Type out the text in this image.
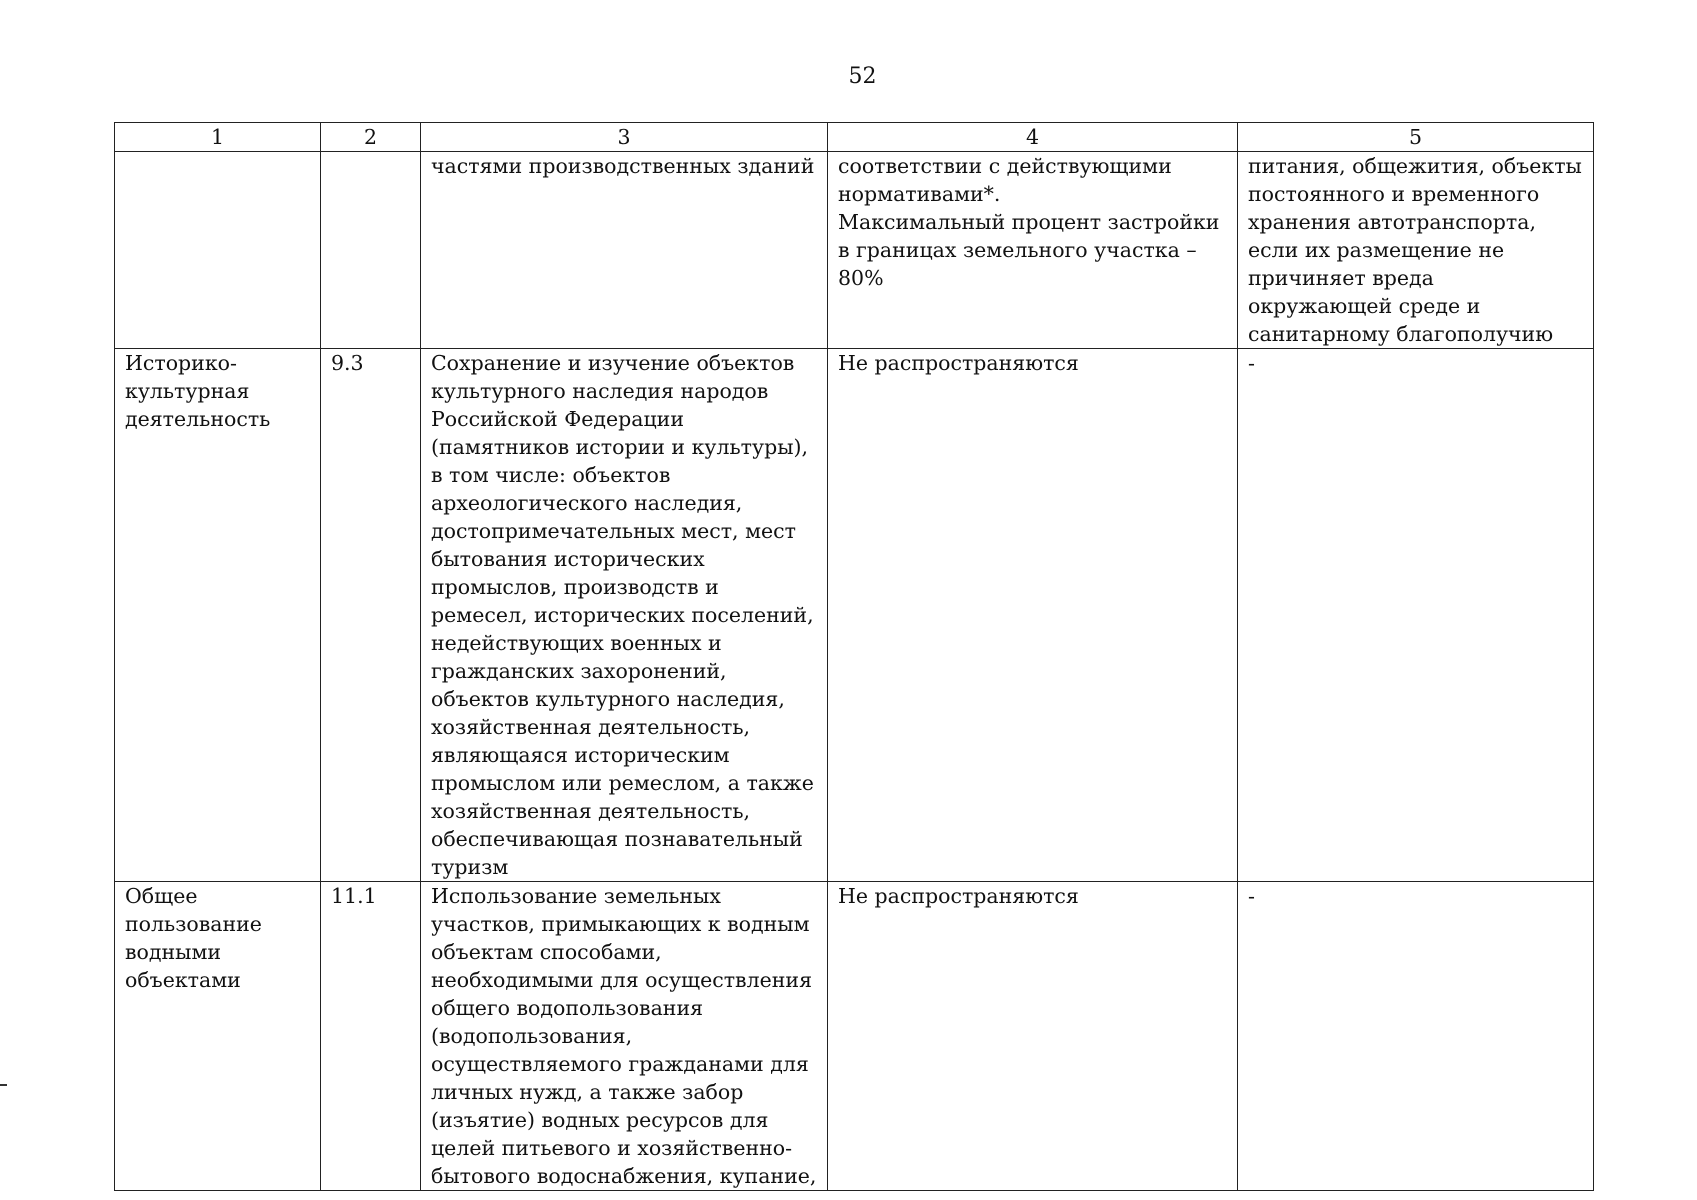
52
1	2	3	4	5
		частями производственных зданий	соответствии с действующими нормативами*.
Максимальный процент застройки в границах земельного участка – 80%	питания, общежития, объекты постоянного и временного хранения автотранспорта, если их размещение не причиняет вреда окружающей среде и санитарному благополучию
Историко-культурная деятельность	9.3	Сохранение и изучение объектов культурного наследия народов Российской Федерации (памятников истории и культуры), в том числе: объектов археологического наследия, достопримечательных мест, мест бытования исторических промыслов, производств и ремесел, исторических поселений, недействующих военных и гражданских захоронений, объектов культурного наследия, хозяйственная деятельность, являющаяся историческим промыслом или ремеслом, а также хозяйственная деятельность, обеспечивающая познавательный туризм	Не распространяются	-
Общее пользование водными объектами	11.1	Использование земельных участков, примыкающих к водным объектам способами, необходимыми для осуществления общего водопользования (водопользования, осуществляемого гражданами для личных нужд, а также забор (изъятие) водных ресурсов для целей питьевого и хозяйственно-бытового водоснабжения, купание,	Не распространяются	-
